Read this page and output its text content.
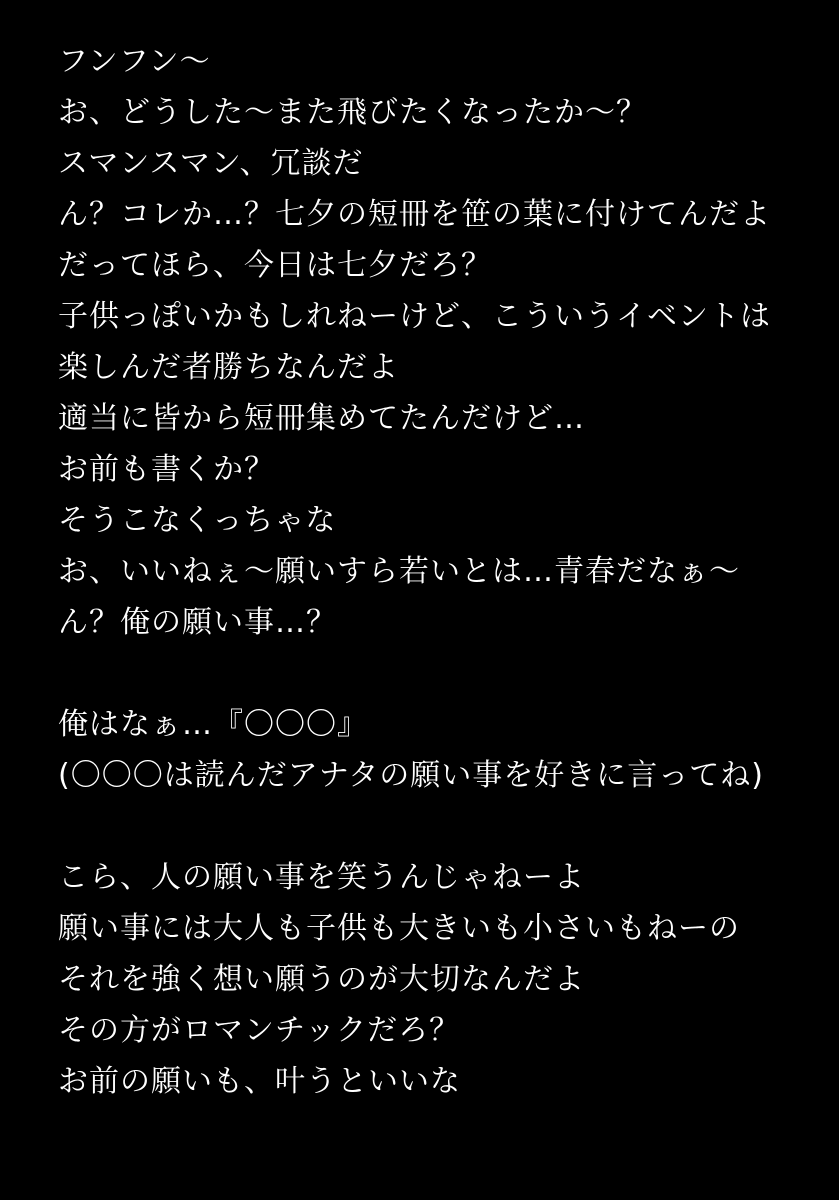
フンフン〜
お、どうした〜また飛びたくなったか〜？
スマンスマン、冗談だ
ん？コレか…？七夕の短冊を笹の葉に付けてんだよ
だってほら、今日は七夕だろ？
子供っぽいかもしれねーけど、こういうイベントは
楽しんだ者勝ちなんだよ
適当に皆から短冊集めてたんだけど…
お前も書くか？
そうこなくっちゃな
お、いいねぇ〜願いすら若いとは…青春だなぁ〜
ん？俺の願い事…？
俺はなぁ…『〇〇〇』
(〇〇〇は読んだアナタの願い事を好きに言ってね)
こら、人の願い事を笑うんじゃねーよ
願い事には大人も子供も大きいも小さいもねーの
それを強く想い願うのが大切なんだよ
その方がロマンチックだろ？
お前の願いも、叶うといいな
